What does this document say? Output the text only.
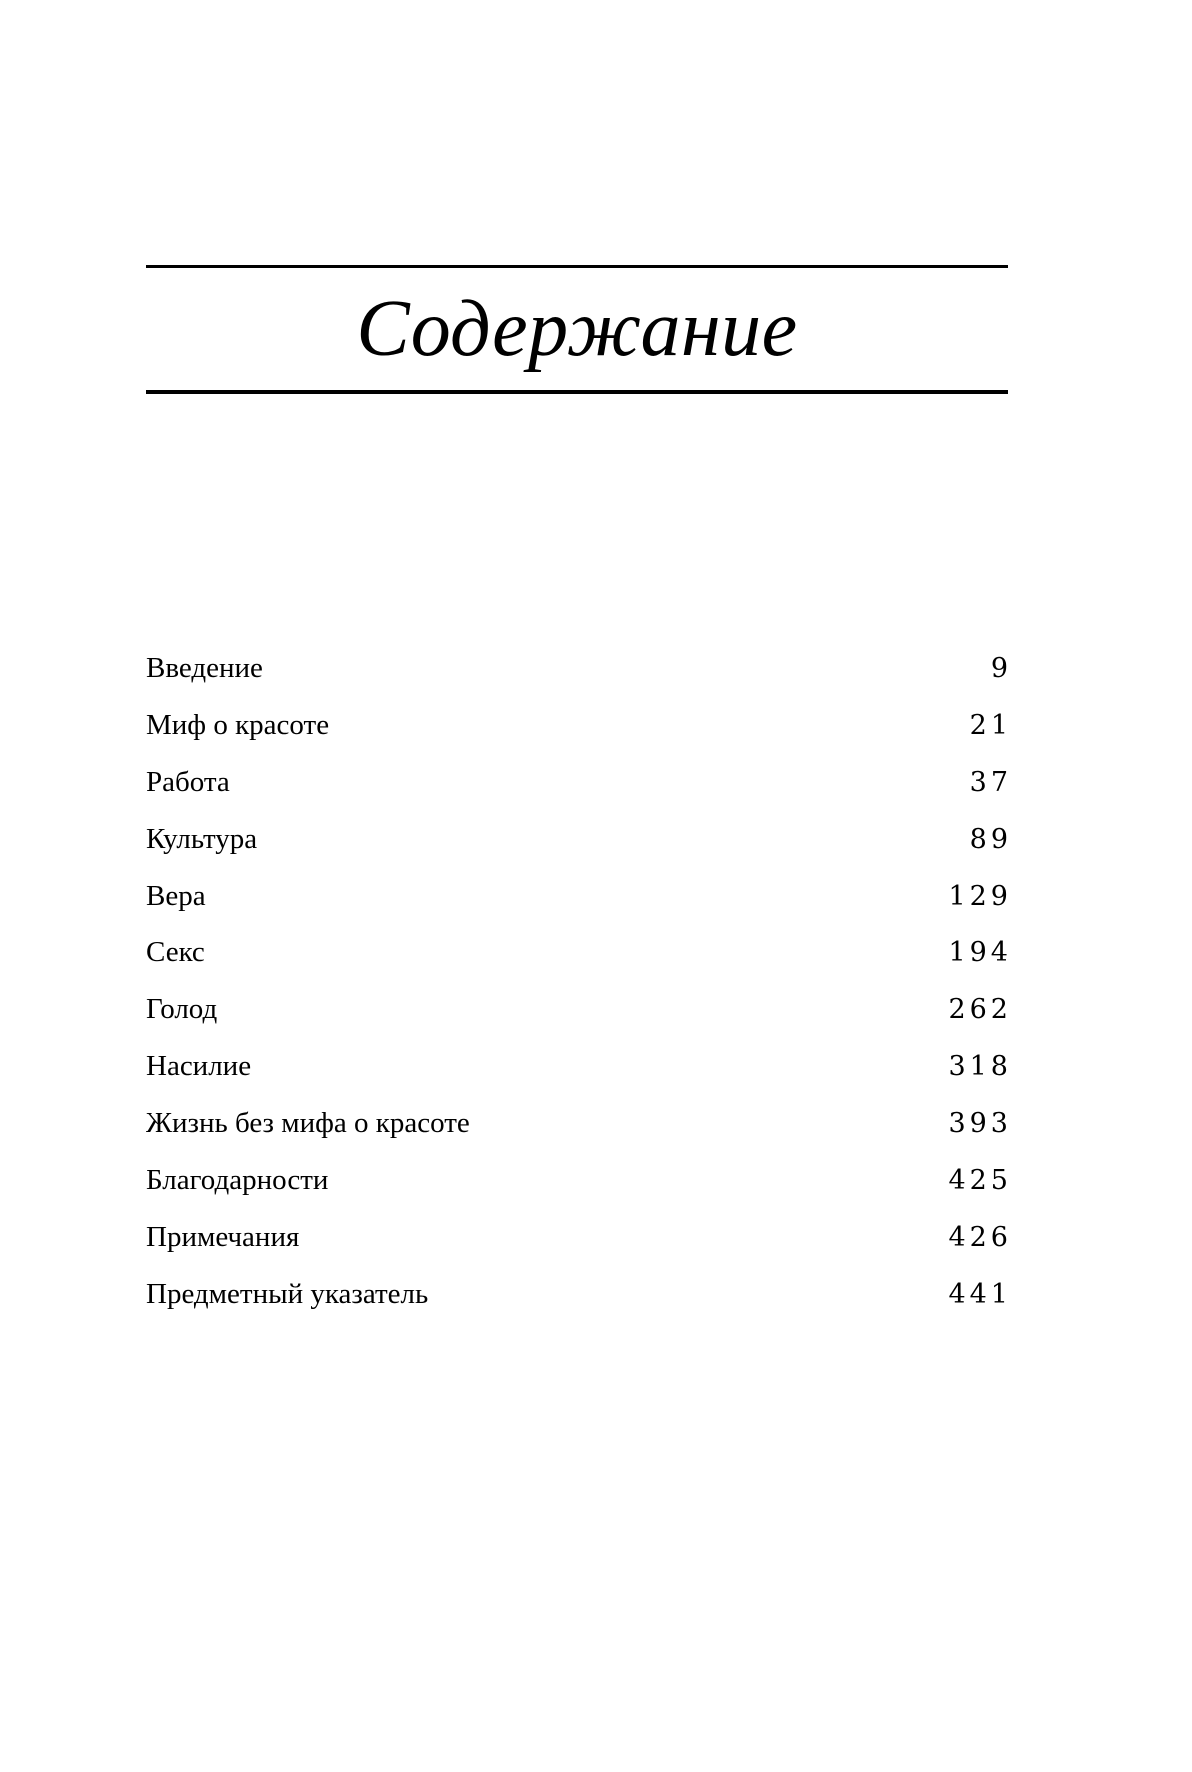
Содержание
Введение	9
Миф о красоте	21
Работа	37
Культура	89
Вера	129
Секс	194
Голод	262
Насилие	318
Жизнь без мифа о красоте	393
Благодарности	425
Примечания	426
Предметный указатель	441
